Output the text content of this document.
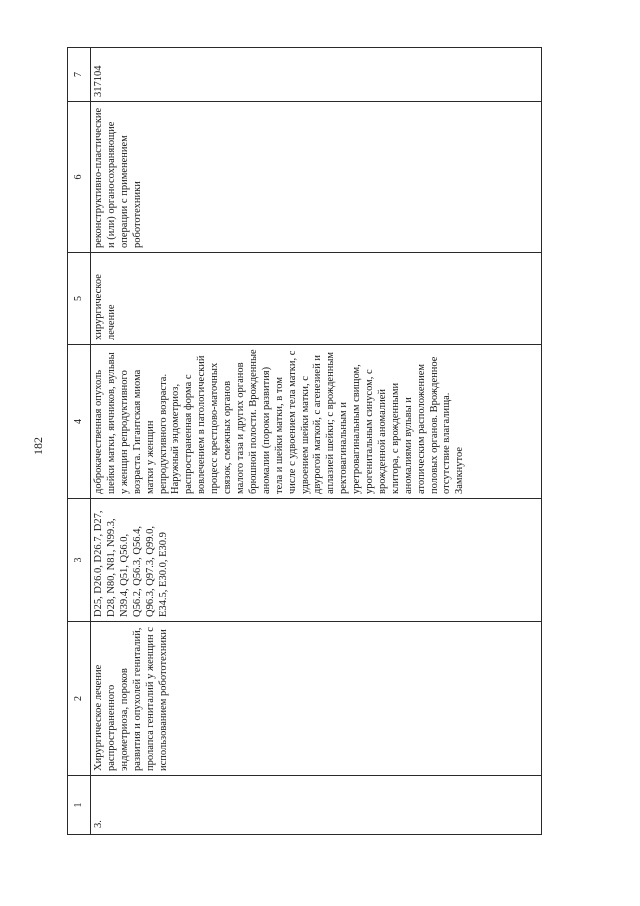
182
1	2	3	4	5	6	7
3.	Хирургическое лечение распространенного эндометриоза, пороков развития и опухолей гениталий, пролапса гениталий у женщин с использованием робототехники	D25, D26.0, D26.7, D27, D28, N80, N81, N99.3, N39.4, Q51, Q56.0, Q56.2, Q56.3, Q56.4, Q96.3, Q97.3, Q99.0, E34.5, E30.0, E30.9	доброкачественная опухоль шейки матки, яичников, вульвы у женщин репродуктивного возраста. Гигантская миома матки у женщин репродуктивного возраста. Наружный эндометриоз, распространенная форма с вовлечением в патологический процесс крестцово-маточных связок, смежных органов малого таза и других органов брюшной полости. Врожденные аномалии (пороки развития) тела и шейки матки, в том числе с удвоением тела матки, с удвоением шейки матки, с двурогой маткой, с агенезией и аплазией шейки; с врожденным ректовагинальным и уретровагинальным свищом, урогенитальным синусом, с врожденной аномалией клитора, с врожденными аномалиями вульвы и атопическим расположением половых органов. Врожденное отсутствие влагалища. Замкнутое	хирургическое лечение	реконструктивно-пластические и (или) органосохраняющие операции с применением робототехники	317104
